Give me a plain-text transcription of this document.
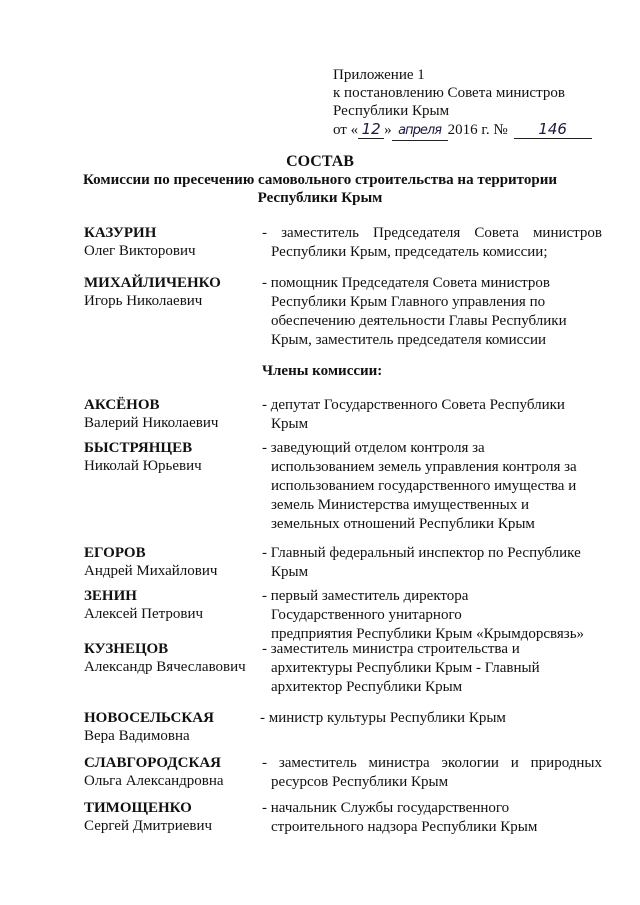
Приложение 1
к постановлению Совета министров
Республики Крым
от « 12 » апреля 2016 г. № 146
СОСТАВ
Комиссии по пресечению самовольного строительства на территории
Республики Крым
КАЗУРИН
Олег Викторович
- заместитель Председателя Совета министров
Республики Крым, председатель комиссии;
МИХАЙЛИЧЕНКО
Игорь Николаевич
- помощник Председателя Совета министров
Республики Крым Главного управления по
обеспечению деятельности Главы Республики
Крым, заместитель председателя комиссии
Члены комиссии:
АКСЁНОВ
Валерий Николаевич
- депутат Государственного Совета Республики
Крым
БЫСТРЯНЦЕВ
Николай Юрьевич
- заведующий отделом контроля за
использованием земель управления контроля за
использованием государственного имущества и
земель Министерства имущественных и
земельных отношений Республики Крым
ЕГОРОВ
Андрей Михайлович
- Главный федеральный инспектор по Республике
Крым
ЗЕНИН
Алексей Петрович
- первый заместитель директора
Государственного унитарного
предприятия Республики Крым «Крымдорсвязь»
КУЗНЕЦОВ
Александр Вячеславович
- заместитель министра строительства и
архитектуры Республики Крым - Главный
архитектор Республики Крым
НОВОСЕЛЬСКАЯ
Вера Вадимовна
- министр культуры Республики Крым
СЛАВГОРОДСКАЯ
Ольга Александровна
- заместитель министра экологии и природных
ресурсов Республики Крым
ТИМОЩЕНКО
Сергей Дмитриевич
- начальник Службы государственного
строительного надзора Республики Крым
